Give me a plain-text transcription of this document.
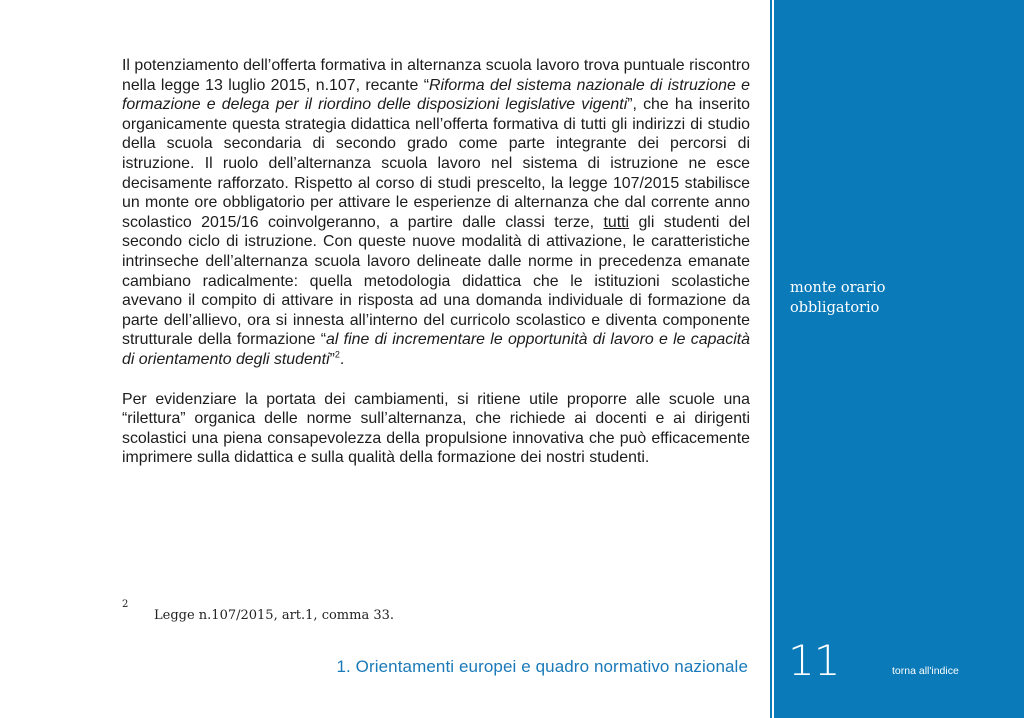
Il potenziamento dell’offerta formativa in alternanza scuola lavoro trova puntuale riscontro nella legge 13 luglio 2015, n.107, recante “Riforma del sistema nazionale di istruzione e formazione e delega per il riordino delle disposizioni legislative vigenti”, che ha inserito organicamente questa strategia didattica nell’offerta formativa di tutti gli indirizzi di studio della scuola secondaria di secondo grado come parte integrante dei percorsi di istruzione. Il ruolo dell’alternanza scuola lavoro nel sistema di istruzione ne esce decisamente rafforzato. Rispetto al corso di studi prescelto, la legge 107/2015 stabilisce un monte ore obbligatorio per attivare le esperienze di alternanza che dal corrente anno scolastico 2015/16 coinvolgeranno, a partire dalle classi terze, tutti gli studenti del secondo ciclo di istruzione. Con queste nuove modalità di attivazione, le caratteristiche intrinseche dell’alternanza scuola lavoro delineate dalle norme in precedenza emanate cambiano radicalmente: quella metodologia didattica che le istituzioni scolastiche avevano il compito di attivare in risposta ad una domanda individuale di formazione da parte dell’allievo, ora si innesta all’interno del curricolo scolastico e diventa componente strutturale della formazione “al fine di incrementare le opportunità di lavoro e le capacità di orientamento degli studenti”$^2$.

Per evidenziare la portata dei cambiamenti, si ritiene utile proporre alle scuole una “rilettura” organica delle norme sull’alternanza, che richiede ai docenti e ai dirigenti scolastici una piena consapevolezza della propulsione innovativa che può efficacemente imprimere sulla didattica e sulla qualità della formazione dei nostri studenti.

2
Legge n.107/2015, art.1, comma 33.
1. Orientamenti europei e quadro normativo nazionale
monte orario
obbligatorio
11	torna all'indice
